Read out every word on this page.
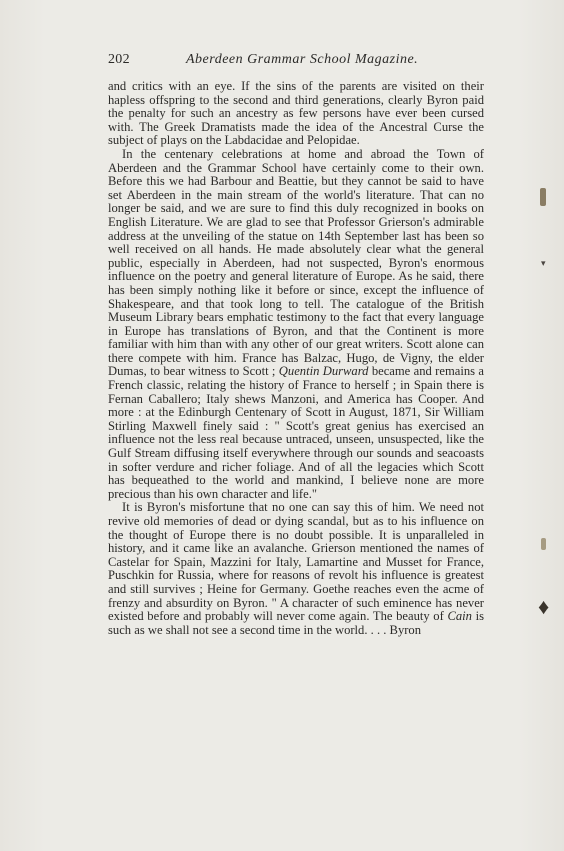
202	Aberdeen Grammar School Magazine.

and critics with an eye. If the sins of the parents are visited on their hapless offspring to the second and third generations, clearly Byron paid the penalty for such an ancestry as few persons have ever been cursed with. The Greek Dramatists made the idea of the Ancestral Curse the subject of plays on the Labdacidae and Pelopidae.

In the centenary celebrations at home and abroad the Town of Aberdeen and the Grammar School have certainly come to their own. Before this we had Barbour and Beattie, but they cannot be said to have set Aberdeen in the main stream of the world's literature. That can no longer be said, and we are sure to find this duly recognized in books on English Literature. We are glad to see that Professor Grierson's admirable address at the unveiling of the statue on 14th September last has been so well received on all hands. He made absolutely clear what the general public, especially in Aberdeen, had not suspected, Byron's enormous influence on the poetry and general literature of Europe. As he said, there has been simply nothing like it before or since, except the influence of Shakespeare, and that took long to tell. The catalogue of the British Museum Library bears emphatic testimony to the fact that every language in Europe has translations of Byron, and that the Continent is more familiar with him than with any other of our great writers. Scott alone can there compete with him. France has Balzac, Hugo, de Vigny, the elder Dumas, to bear witness to Scott ; Quentin Durward became and remains a French classic, relating the history of France to herself ; in Spain there is Fernan Caballero; Italy shews Manzoni, and America has Cooper. And more : at the Edinburgh Centenary of Scott in August, 1871, Sir William Stirling Maxwell finely said : " Scott's great genius has exercised an influence not the less real because untraced, unseen, unsuspected, like the Gulf Stream diffusing itself everywhere through our sounds and seacoasts in softer verdure and richer foliage. And of all the legacies which Scott has bequeathed to the world and mankind, I believe none are more precious than his own character and life."

It is Byron's misfortune that no one can say this of him. We need not revive old memories of dead or dying scandal, but as to his influence on the thought of Europe there is no doubt possible. It is unparalleled in history, and it came like an avalanche. Grierson mentioned the names of Castelar for Spain, Mazzini for Italy, Lamartine and Musset for France, Puschkin for Russia, where for reasons of revolt his influence is greatest and still survives ; Heine for Germany. Goethe reaches even the acme of frenzy and absurdity on Byron. " A character of such eminence has never existed before and probably will never come again. The beauty of Cain is such as we shall not see a second time in the world. . . . Byron

▾
♦
